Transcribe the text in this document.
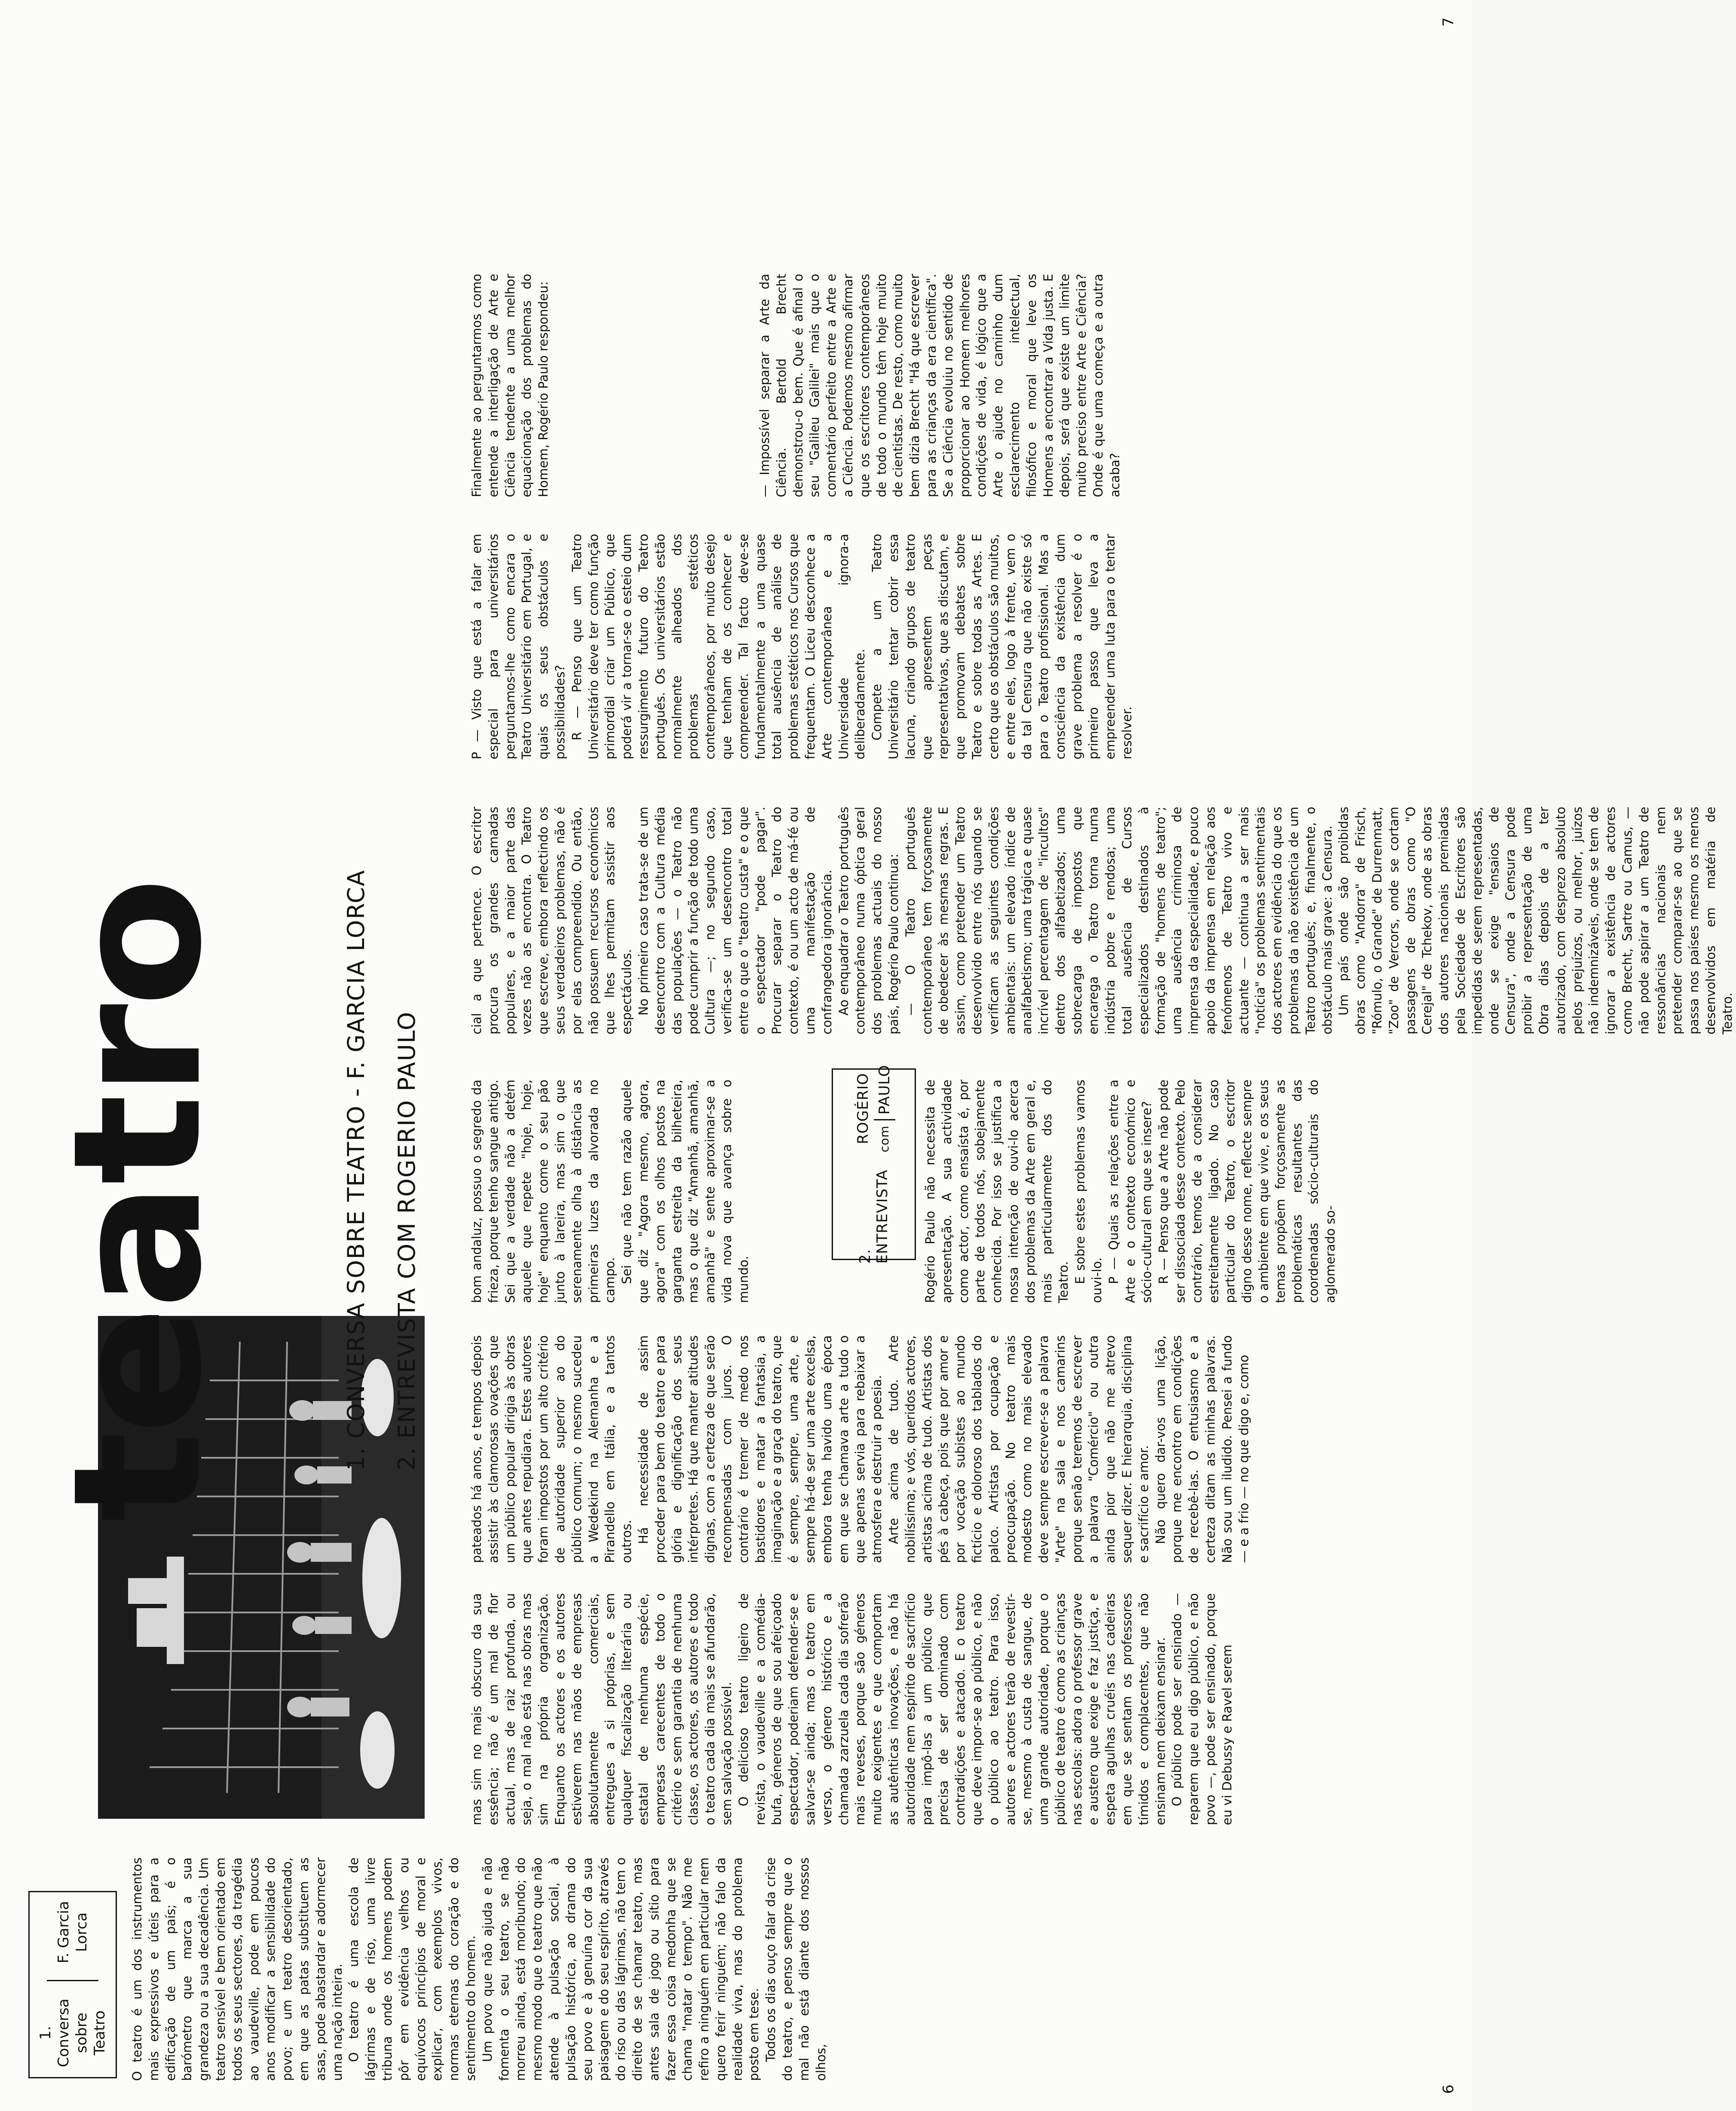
1. Conversa sobre Teatro
F. Garcia Lorca
teatro	1. CONVERSA SOBRE TEATRO - F. GARCIA LORCA	2. ENTREVISTA COM ROGERIO PAULO	2. ENTREVISTA
ROGÉRIO com
PAULO

O teatro é um dos instrumentos mais expressivos e úteis para a edificação de um país; é o barómetro que marca a sua grandeza ou a sua decadência. Um teatro sensível e bem orientado em todos os seus sectores, da tragédia ao vaudeville, pode em poucos anos modificar a sensibilidade do povo; e um teatro desorientado, em que as patas substituem as asas, pode abastardar e adormecer uma nação inteira. O teatro é uma escola de lágrimas e de riso, uma livre tribuna onde os homens podem pôr em evidência velhos ou equívocos princípios de moral e explicar, com exemplos vivos, normas eternas do coração e do sentimento do homem. Um povo que não ajuda e não fomenta o seu teatro, se não morreu ainda, está moribundo; do mesmo modo que o teatro que não atende à pulsação social, à pulsação histórica, ao drama do seu povo e à genuína cor da sua paisagem e do seu espírito, através do riso ou das lágrimas, não tem o direito de se chamar teatro, mas antes sala de jogo ou sítio para fazer essa coisa medonha que se chama "matar o tempo". Não me refiro a ninguém em particular nem quero ferir ninguém; não falo da realidade viva, mas do problema posto em tese. Todos os dias ouço falar da crise do teatro, e penso sempre que o mal não está diante dos nossos olhos,

mas sim no mais obscuro da sua essência; não é um mal de flor actual, mas de raiz profunda, ou seja, o mal não está nas obras mas sim na própria organização. Enquanto os actores e os autores estiverem nas mãos de empresas absolutamente comerciais, entregues a si próprias, e sem qualquer fiscalização literária ou estatal de nenhuma espécie, empresas carecentes de todo o critério e sem garantia de nenhuma classe, os actores, os autores e todo o teatro cada dia mais se afundarão, sem salvação possível. O delicioso teatro ligeiro de revista, o vaudeville e a comédia-bufa, géneros de que sou afeiçoado espectador, poderiam defender-se e salvar-se ainda; mas o teatro em verso, o género histórico e a chamada zarzuela cada dia sofrerão mais reveses, porque são géneros muito exigentes e que comportam as autênticas inovações, e não há autoridade nem espírito de sacrifício para impô-las a um público que precisa de ser dominado com contradições e atacado. E o teatro que deve impor-se ao público, e não o público ao teatro. Para isso, autores e actores terão de revestir-se, mesmo à custa de sangue, de uma grande autoridade, porque o público de teatro é como as crianças nas escolas: adora o professor grave e austero que exige e faz justiça, e espeta agulhas cruéis nas cadeiras em que se sentam os professores tímidos e complacentes, que não ensinam nem deixam ensinar. O público pode ser ensinado — reparem que eu digo público, e não povo —, pode ser ensinado, porque eu vi Debussy e Ravel serem

pateados há anos, e tempos depois assistir às clamorosas ovações que um público popular dirigia às obras que antes repudiara. Estes autores foram impostos por um alto critério de autoridade superior ao do público comum; o mesmo sucedeu a Wedekind na Alemanha e a Pirandello em Itália, e a tantos outros. Há necessidade de assim proceder para bem do teatro e para glória e dignificação dos seus intérpretes. Há que manter atitudes dignas, com a certeza de que serão recompensadas com juros. O contrário é tremer de medo nos bastidores e matar a fantasia, a imaginação e a graça do teatro, que é sempre, sempre, uma arte, e sempre há-de ser uma arte excelsa, embora tenha havido uma época em que se chamava arte a tudo o que apenas servia para rebaixar a atmosfera e destruir a poesia. Arte acima de tudo. Arte nobilíssima; e vós, queridos actores, artistas acima de tudo. Artistas dos pés à cabeça, pois que por amor e por vocação subistes ao mundo fictício e doloroso dos tablados do palco. Artistas por ocupação e preocupação. No teatro mais modesto como no mais elevado deve sempre escrever-se a palavra "Arte" na sala e nos camarins porque senão teremos de escrever a palavra "Comércio" ou outra ainda pior que não me atrevo sequer dizer. E hierarquia, disciplina e sacrifício e amor. Não quero dar-vos uma lição, porque me encontro em condições de recebê-las. O entusiasmo e a certeza ditam as minhas palavras. Não sou um iludido. Pensei a fundo — e a frio — no que digo e, como

bom andaluz, possuo o segredo da frieza, porque tenho sangue antigo. Sei que a verdade não a detém aquele que repete "hoje, hoje, hoje" enquanto come o seu pão junto à lareira, mas sim o que serenamente olha à distância as primeiras luzes da alvorada no campo. Sei que não tem razão aquele que diz "Agora mesmo, agora, agora" com os olhos postos na garganta estreita da bilheteira, mas o que diz "Amanhã, amanhã, amanhã" e sente aproximar-se a vida nova que avança sobre o mundo.	Rogério Paulo não necessita de apresentação. A sua actividade como actor, como ensaísta é, por parte de todos nós, sobejamente conhecida. Por isso se justifica a nossa intenção de ouvi-lo acerca dos problemas da Arte em geral e, mais particularmente dos do Teatro. E sobre estes problemas vamos ouvi-lo. P — Quais as relações entre a Arte e o contexto económico e sócio-cultural em que se insere? R — Penso que a Arte não pode ser dissociada desse contexto. Pelo contrário, temos de a considerar estreitamente ligado. No caso particular do Teatro, o escritor digno desse nome, reflecte sempre o ambiente em que vive, e os seus temas propõem forçosamente as problemáticas resultantes das coordenadas sócio-culturais do aglomerado so-

cial a que pertence. O escritor procura os grandes camadas populares, e a maior parte das vezes não as encontra. O Teatro que escreve, embora reflectindo os seus verdadeiros problemas, não é por elas compreendido. Ou então, não possuem recursos económicos que lhes permitam assistir aos espectáculos. No primeiro caso trata-se de um desencontro com a Cultura média das populações — o Teatro não pode cumprir a função de todo uma Cultura —; no segundo caso, verifica-se um desencontro total entre o que o "teatro custa" e o que o espectador "pode pagar". Procurar separar o Teatro do contexto, é ou um acto de má-fé ou uma manifestação de confrangedora ignorância. Ao enquadrar o Teatro português contemporâneo numa óptica geral dos problemas actuais do nosso país, Rogério Paulo continua: — O Teatro português contemporâneo tem forçosamente de obedecer às mesmas regras. E assim, como pretender um Teatro desenvolvido entre nós quando se verificam as seguintes condições ambientais: um elevado índice de analfabetismo; uma trágica e quase incrível percentagem de "incultos" dentro dos alfabetizados; uma sobrecarga de impostos que encarega o Teatro torna numa indústria pobre e rendosa; uma total ausência de Cursos especializados destinados à formação de "homens de teatro"; uma ausência criminosa de imprensa da especialidade, e pouco apoio da imprensa em relação aos fenómenos de Teatro vivo e actuante — continua a ser mais "notícia" os problemas sentimentais dos actores em evidência do que os problemas da não existência de um Teatro português; e, finalmente, o obstáculo mais grave: a Censura. Um país onde são proibidas obras como "Andorra" de Frisch, "Rómulo, o Grande" de Durrenmatt, "Zoo" de Vercors, onde se cortam passagens de obras como "O Cerejal" de Tchekov, onde as obras dos autores nacionais premiadas pela Sociedade de Escritores são impedidas de serem representadas, onde se exige "ensaios de Censura", onde a Censura pode proibir a representação de uma Obra dias depois de a ter autorizado, com desprezo absoluto pelos prejuízos, ou melhor, juízos não indemnizáveis, onde se tem de ignorar a existência de actores como Brecht, Sartre ou Camus, — não pode aspirar a um Teatro de ressonâncias nacionais nem pretender comparar-se ao que se passa nos países mesmo os menos desenvolvidos em matéria de Teatro.

P — Visto que está a falar em especial para universitários perguntamos-lhe como encara o Teatro Universitário em Portugal, e quais os seus obstáculos e possibilidades? R — Penso que um Teatro Universitário deve ter como função primordial criar um Público, que poderá vir a tornar-se o esteio dum ressurgimento futuro do Teatro português. Os universitários estão normalmente alheados dos problemas estéticos contemporâneos, por muito desejo que tenham de os conhecer e compreender. Tal facto deve-se fundamentalmente a uma quase total ausência de análise de problemas estéticos nos Cursos que frequentam. O Liceu desconhece a Arte contemporânea e a Universidade ignora-a deliberadamente. Compete a um Teatro Universitário tentar cobrir essa lacuna, criando grupos de teatro que apresentem peças representativas, que as discutam, e que promovam debates sobre Teatro e sobre todas as Artes. E certo que os obstáculos são muitos, e entre eles, logo à frente, vem o da tal Censura que não existe só para o Teatro profissional. Mas a consciência da existência dum grave problema a resolver é o primeiro passo que leva a empreender uma luta para o tentar resolver.

Finalmente ao perguntarmos como entende a interligação de Arte e Ciência tendente a uma melhor equacionação dos problemas do Homem, Rogério Paulo respondeu:	— Impossível separar a Arte da Ciência. Bertold Brecht demonstrou-o bem. Que é afinal o seu "Galileu Galilei" mais que o comentário perfeito entre a Arte e a Ciência. Podemos mesmo afirmar que os escritores contemporâneos de todo o mundo têm hoje muito de cientistas. De resto, como muito bem dizia Brecht "Há que escrever para as crianças da era científica". Se a Ciência evoluiu no sentido de proporcionar ao Homem melhores condições de vida, é lógico que a Arte o ajude no caminho dum esclarecimento intelectual, filosófico e moral que leve os Homens a encontrar a Vida justa. E depois, será que existe um limite muito preciso entre Arte e Ciência? Onde é que uma começa e a outra acaba?

6
7
